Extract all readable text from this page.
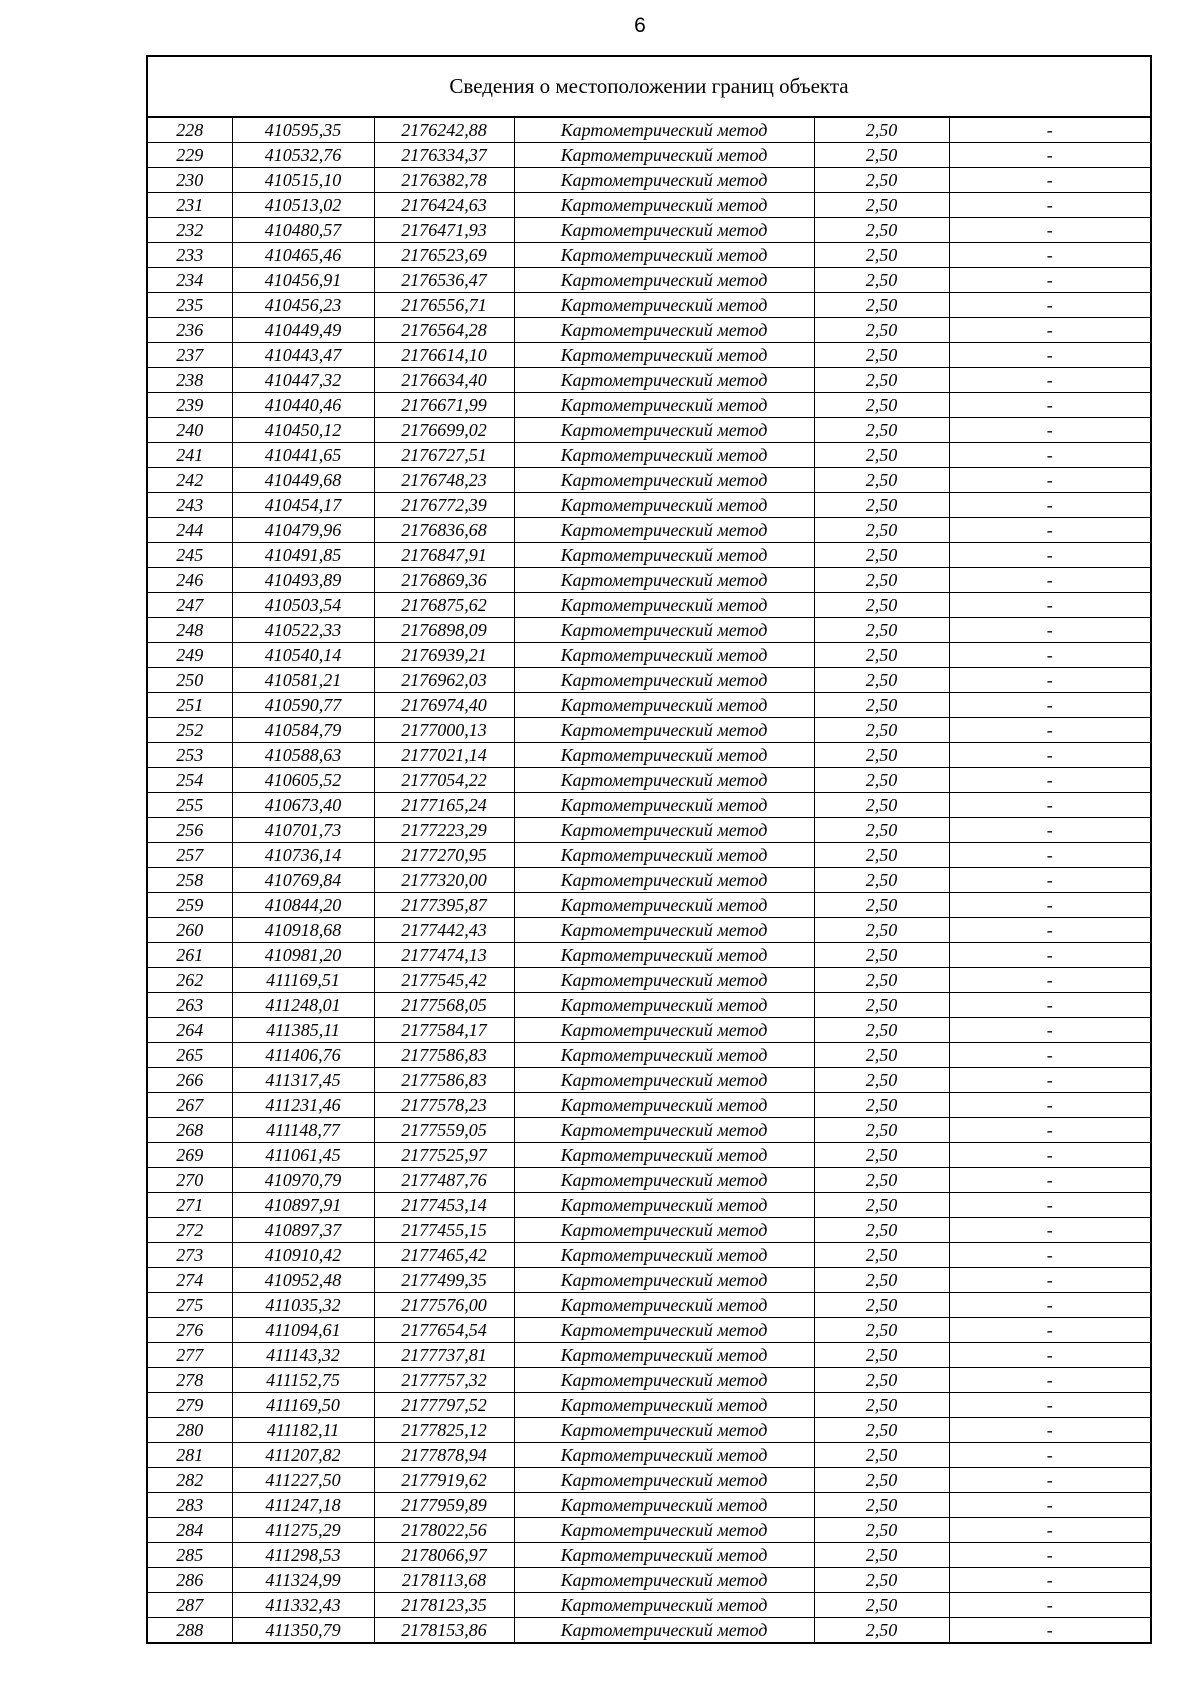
6
Сведения о местоположении границ объекта
228	410595,35	2176242,88	Картометрический метод	2,50	-
229	410532,76	2176334,37	Картометрический метод	2,50	-
230	410515,10	2176382,78	Картометрический метод	2,50	-
231	410513,02	2176424,63	Картометрический метод	2,50	-
232	410480,57	2176471,93	Картометрический метод	2,50	-
233	410465,46	2176523,69	Картометрический метод	2,50	-
234	410456,91	2176536,47	Картометрический метод	2,50	-
235	410456,23	2176556,71	Картометрический метод	2,50	-
236	410449,49	2176564,28	Картометрический метод	2,50	-
237	410443,47	2176614,10	Картометрический метод	2,50	-
238	410447,32	2176634,40	Картометрический метод	2,50	-
239	410440,46	2176671,99	Картометрический метод	2,50	-
240	410450,12	2176699,02	Картометрический метод	2,50	-
241	410441,65	2176727,51	Картометрический метод	2,50	-
242	410449,68	2176748,23	Картометрический метод	2,50	-
243	410454,17	2176772,39	Картометрический метод	2,50	-
244	410479,96	2176836,68	Картометрический метод	2,50	-
245	410491,85	2176847,91	Картометрический метод	2,50	-
246	410493,89	2176869,36	Картометрический метод	2,50	-
247	410503,54	2176875,62	Картометрический метод	2,50	-
248	410522,33	2176898,09	Картометрический метод	2,50	-
249	410540,14	2176939,21	Картометрический метод	2,50	-
250	410581,21	2176962,03	Картометрический метод	2,50	-
251	410590,77	2176974,40	Картометрический метод	2,50	-
252	410584,79	2177000,13	Картометрический метод	2,50	-
253	410588,63	2177021,14	Картометрический метод	2,50	-
254	410605,52	2177054,22	Картометрический метод	2,50	-
255	410673,40	2177165,24	Картометрический метод	2,50	-
256	410701,73	2177223,29	Картометрический метод	2,50	-
257	410736,14	2177270,95	Картометрический метод	2,50	-
258	410769,84	2177320,00	Картометрический метод	2,50	-
259	410844,20	2177395,87	Картометрический метод	2,50	-
260	410918,68	2177442,43	Картометрический метод	2,50	-
261	410981,20	2177474,13	Картометрический метод	2,50	-
262	411169,51	2177545,42	Картометрический метод	2,50	-
263	411248,01	2177568,05	Картометрический метод	2,50	-
264	411385,11	2177584,17	Картометрический метод	2,50	-
265	411406,76	2177586,83	Картометрический метод	2,50	-
266	411317,45	2177586,83	Картометрический метод	2,50	-
267	411231,46	2177578,23	Картометрический метод	2,50	-
268	411148,77	2177559,05	Картометрический метод	2,50	-
269	411061,45	2177525,97	Картометрический метод	2,50	-
270	410970,79	2177487,76	Картометрический метод	2,50	-
271	410897,91	2177453,14	Картометрический метод	2,50	-
272	410897,37	2177455,15	Картометрический метод	2,50	-
273	410910,42	2177465,42	Картометрический метод	2,50	-
274	410952,48	2177499,35	Картометрический метод	2,50	-
275	411035,32	2177576,00	Картометрический метод	2,50	-
276	411094,61	2177654,54	Картометрический метод	2,50	-
277	411143,32	2177737,81	Картометрический метод	2,50	-
278	411152,75	2177757,32	Картометрический метод	2,50	-
279	411169,50	2177797,52	Картометрический метод	2,50	-
280	411182,11	2177825,12	Картометрический метод	2,50	-
281	411207,82	2177878,94	Картометрический метод	2,50	-
282	411227,50	2177919,62	Картометрический метод	2,50	-
283	411247,18	2177959,89	Картометрический метод	2,50	-
284	411275,29	2178022,56	Картометрический метод	2,50	-
285	411298,53	2178066,97	Картометрический метод	2,50	-
286	411324,99	2178113,68	Картометрический метод	2,50	-
287	411332,43	2178123,35	Картометрический метод	2,50	-
288	411350,79	2178153,86	Картометрический метод	2,50	-
